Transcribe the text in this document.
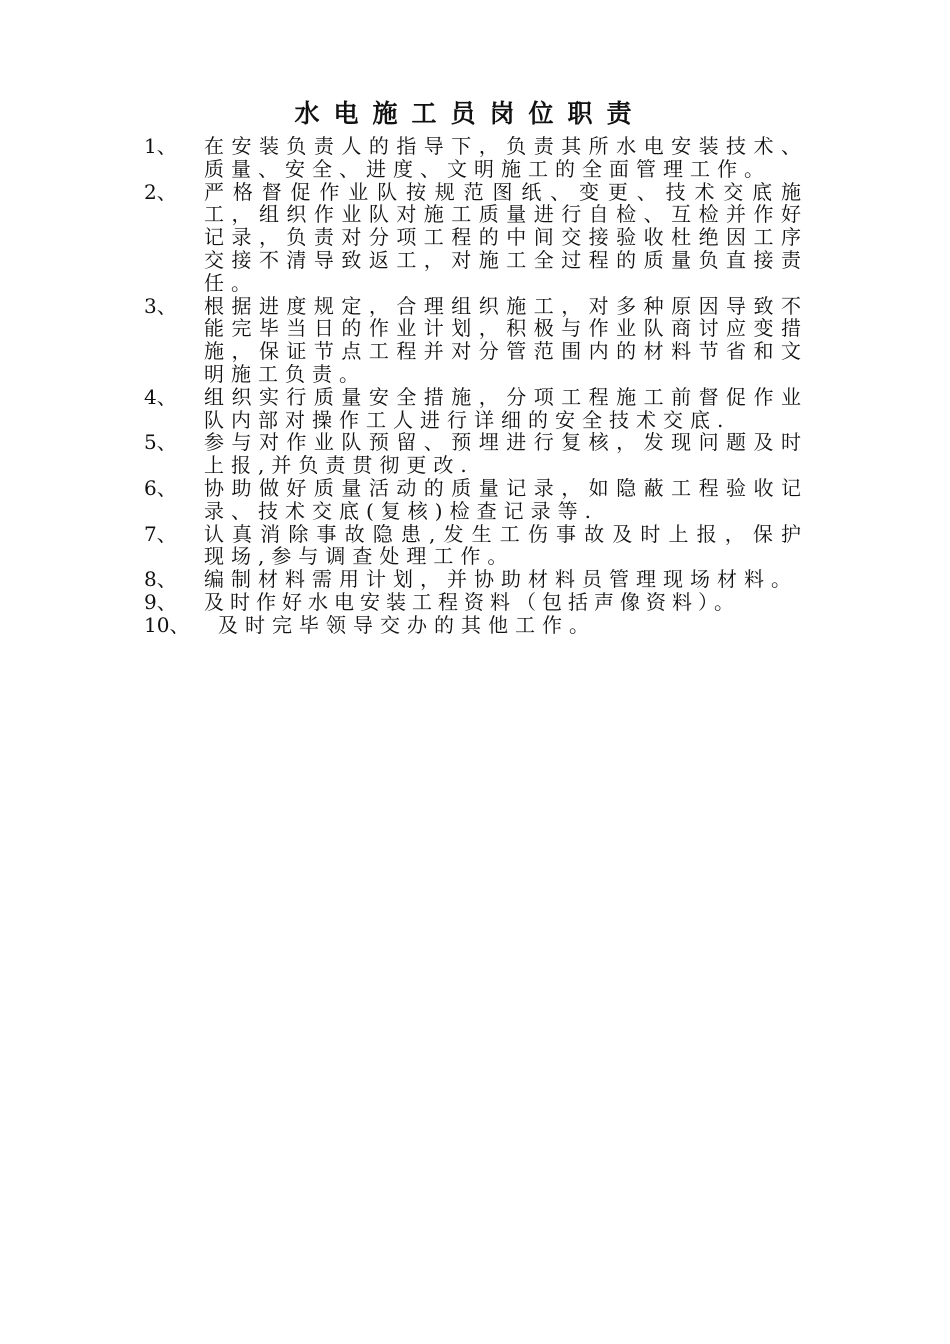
水电施工员岗位职责
1、	在安装负责人的指导下，负责其所水电安装技术、质量、安全、进度、文明施工的全面管理工作。
2、	严格督促作业队按规范图纸、变更、技术交底施工，组织作业队对施工质量进行自检、互检并作好记录，负责对分项工程的中间交接验收杜绝因工序交接不清导致返工，对施工全过程的质量负直接责任。
3、	根据进度规定，合理组织施工，对多种原因导致不能完毕当日的作业计划，积极与作业队商讨应变措施，保证节点工程并对分管范围内的材料节省和文明施工负责。
4、	组织实行质量安全措施，分项工程施工前督促作业队内部对操作工人进行详细的安全技术交底.
5、	参与对作业队预留、预埋进行复核，发现问题及时上报,并负责贯彻更改.
6、	协助做好质量活动的质量记录，如隐蔽工程验收记录、技术交底(复核)检查记录等.
7、	认真消除事故隐患,发生工伤事故及时上报，保护现场,参与调查处理工作。
8、	编制材料需用计划，并协助材料员管理现场材料。
9、	及时作好水电安装工程资料（包括声像资料）。
10、	及时完毕领导交办的其他工作。
